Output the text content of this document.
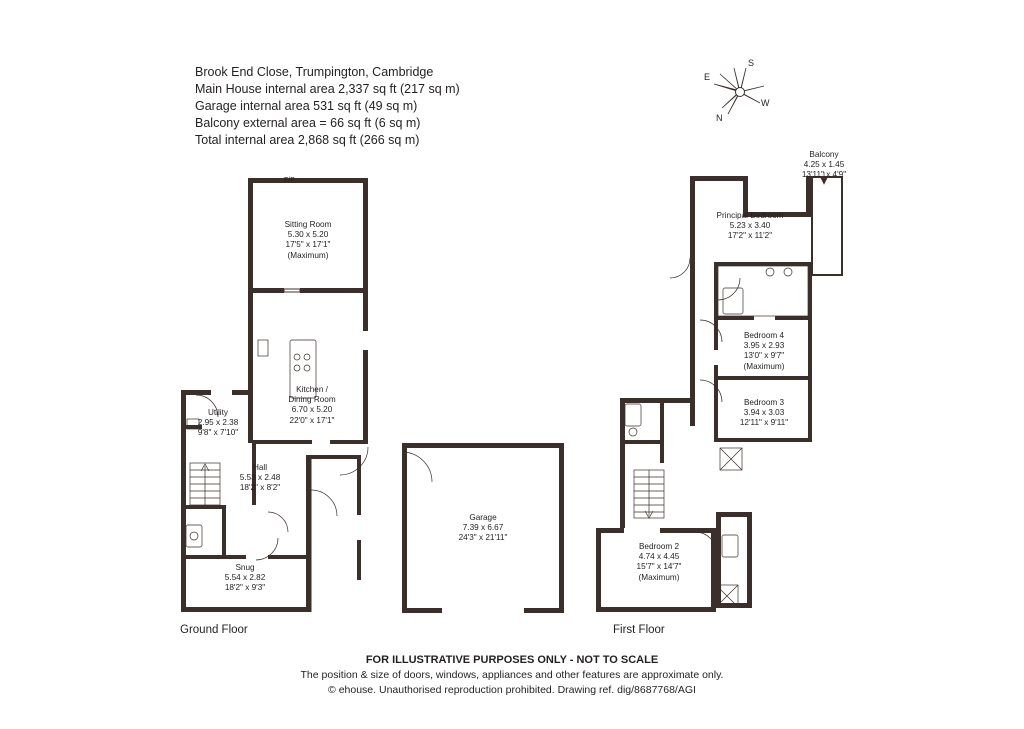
Brook End Close, Trumpington, Cambridge
Main House internal area 2,337 sq ft (217 sq m)
Garage internal area 531 sq ft (49 sq m)
Balcony external area = 66 sq ft (6 sq m)
Total internal area 2,868 sq ft (266 sq m)
N
S
E
W
Sitting Room
5.30 x 5.20
17'5" x 17'1"
(Maximum)
Kitchen /
Dining Room
6.70 x 5.20
22'0" x 17'1"
Utility
2.95 x 2.38
9'8" x 7'10"
Hall
5.53 x 2.48
18'2" x 8'2"
Snug
5.54 x 2.82
18'2" x 9'3"
Garage
7.39 x 6.67
24'3" x 21'11"
F/P
Balcony
4.25 x 1.45
13'11" x 4'9"
Principal Bedroom
5.23 x 3.40
17'2" x 11'2"
Bedroom 4
3.95 x 2.93
13'0" x 9'7"
(Maximum)
Bedroom 3
3.94 x 3.03
12'11" x 9'11"
Bedroom 2
4.74 x 4.45
15'7" x 14'7"
(Maximum)
Ground Floor	First Floor
FOR ILLUSTRATIVE PURPOSES ONLY - NOT TO SCALE
The position & size of doors, windows, appliances and other features are approximate only.
© ehouse. Unauthorised reproduction prohibited. Drawing ref. dig/8687768/AGI
